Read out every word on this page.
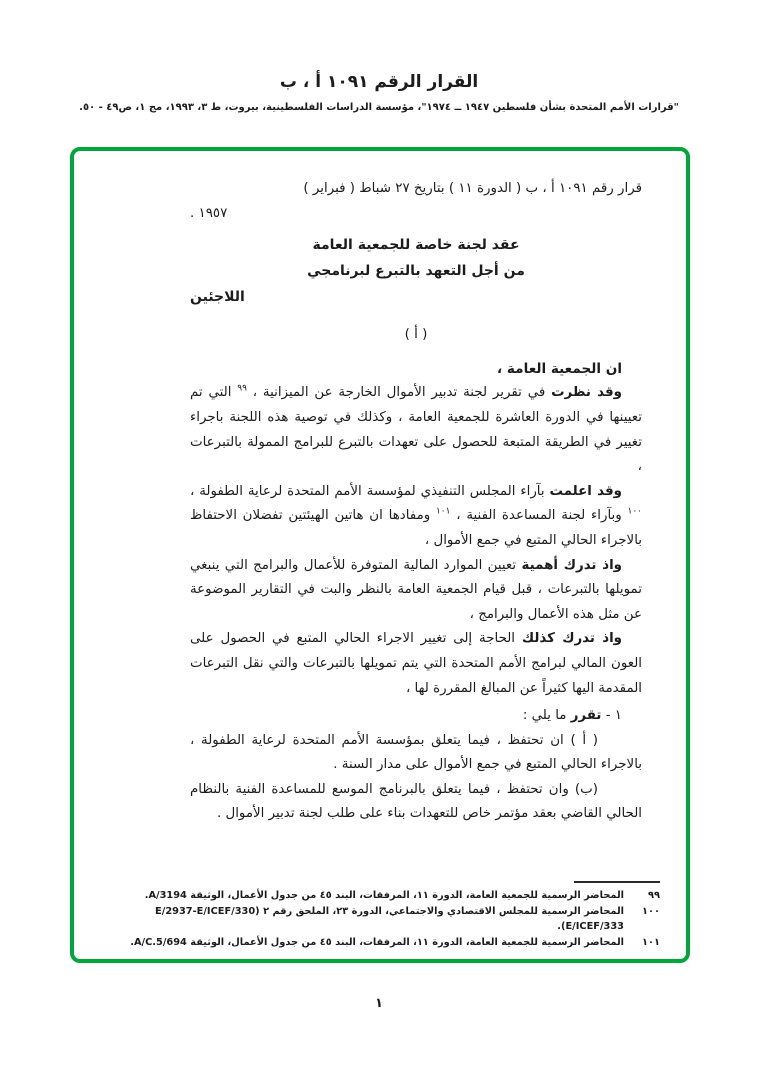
القرار الرقم ١٠٩١ أ ، ب
"قرارات الأمم المتحدة بشأن فلسطين ١٩٤٧ ــ ١٩٧٤"، مؤسسة الدراسات الفلسطينية، بيروت، ط ٣، ١٩٩٣، مج ١، ص٤٩ - ٥٠.
قرار رقم ١٠٩١ أ ، ب ( الدورة ١١ ) بتاريخ ٢٧ شباط ( فبراير )
١٩٥٧ .
عقد لجنة خاصة للجمعية العامة
من أجل التعهد بالتبرع لبرنامجي
اللاجئين
( أ )
ان الجمعية العامة ،
وقد نظرت في تقرير لجنة تدبير الأموال الخارجة عن الميزانية ، $^{٩٩}$ التي تم تعيينها في الدورة العاشرة للجمعية العامة ، وكذلك في توصية هذه اللجنة باجراء تغيير في الطريقة المتبعة للحصول على تعهدات بالتبرع للبرامج الممولة بالتبرعات ،
وقد اعلمت بآراء المجلس التنفيذي لمؤسسة الأمم المتحدة لرعاية الطفولة ، $^{١٠٠}$ وبآراء لجنة المساعدة الفنية ، $^{١٠١}$ ومفادها ان هاتين الهيئتين تفضلان الاحتفاظ بالاجراء الحالي المتبع في جمع الأموال ،
واذ تدرك أهمية تعيين الموارد المالية المتوفرة للأعمال والبرامج التي ينبغي تمويلها بالتبرعات ، قبل قيام الجمعية العامة بالنظر والبت في التقارير الموضوعة عن مثل هذه الأعمال والبرامج ،
واذ تدرك كذلك الحاجة إلى تغيير الاجراء الحالي المتبع في الحصول على العون المالي لبرامج الأمم المتحدة التي يتم تمويلها بالتبرعات والتي نقل التبرعات المقدمة اليها كثيراً عن المبالغ المقررة لها ،
١ - تقرر ما يلي :
( أ ) ان تحتفظ ، فيما يتعلق بمؤسسة الأمم المتحدة لرعاية الطفولة ، بالاجراء الحالي المتبع في جمع الأموال على مدار السنة .
(ب) وان تحتفظ ، فيما يتعلق بالبرنامج الموسع للمساعدة الفنية بالنظام الحالي القاضي بعقد مؤتمر خاص للتعهدات بناء على طلب لجنة تدبير الأموال .
٩٩
المحاضر الرسمية للجمعية العامة، الدورة ١١، المرفقات، البند ٤٥ من جدول الأعمال، الوثيقة A/3194.
١٠٠
المحاضر الرسمية للمجلس الاقتصادي والاجتماعي، الدورة ٢٣، الملحق رقم ٢ (E/2937-E/ICEF/330 E/ICEF/333).
١٠١
المحاضر الرسمية للجمعية العامة، الدورة ١١، المرفقات، البند ٤٥ من جدول الأعمال، الوثيقة A/C.5/694.
١
